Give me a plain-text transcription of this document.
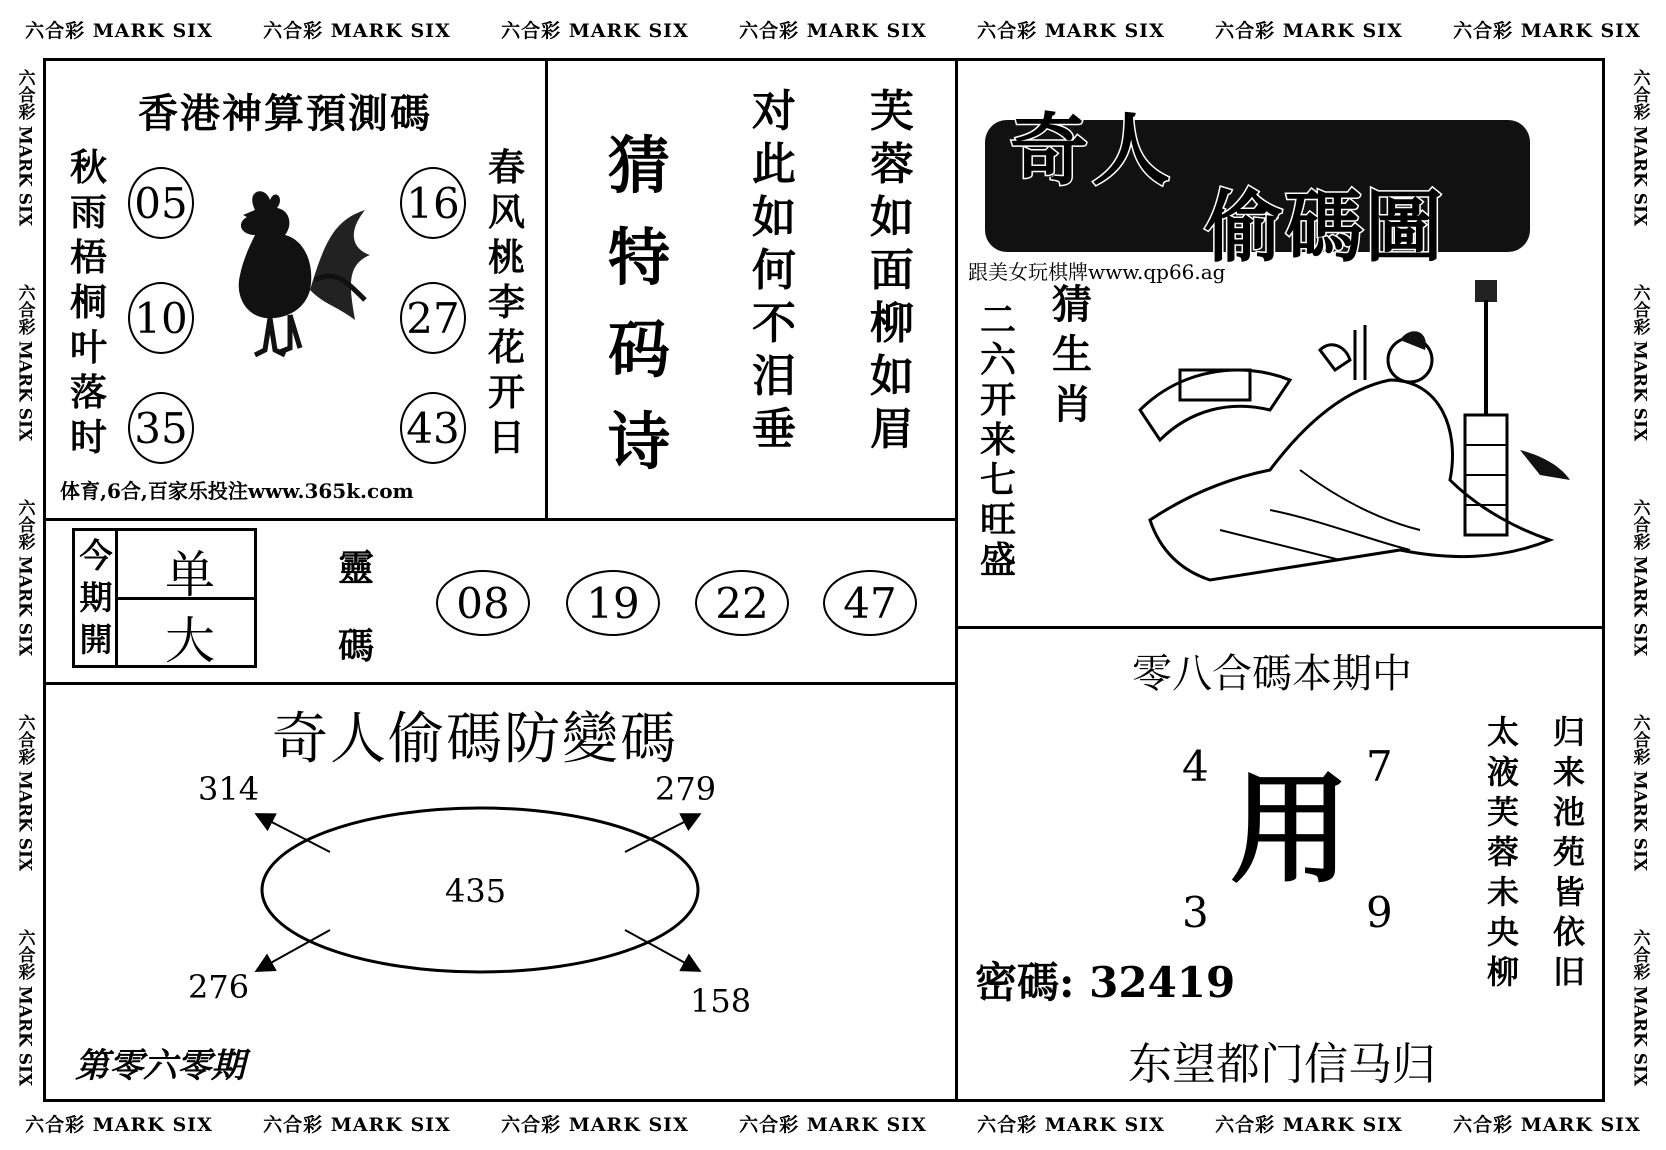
六合彩 MARK SIX	六合彩 MARK SIX	六合彩 MARK SIX	六合彩 MARK SIX	六合彩 MARK SIX	六合彩 MARK SIX	六合彩 MARK SIX
六合彩 MARK SIX	六合彩 MARK SIX	六合彩 MARK SIX	六合彩 MARK SIX	六合彩 MARK SIX	六合彩 MARK SIX	六合彩 MARK SIX
六合彩 MARK SIX
六合彩 MARK SIX
六合彩 MARK SIX
六合彩 MARK SIX
六合彩 MARK SIX
六合彩 MARK SIX
六合彩 MARK SIX
六合彩 MARK SIX
六合彩 MARK SIX
六合彩 MARK SIX
香港神算預測碼
秋
雨
梧
桐
叶
落
时
春
风
桃
李
花
开
日
05
10
35
16
27
43
体育,6合,百家乐投注www.365k.com
猜
特
码
诗
对
此
如
何
不
泪
垂
芙
蓉
如
面
柳
如
眉
奇人
偷碼圖
跟美女玩棋牌www.qp66.ag
猜
生
肖
二
六
开
来
七
旺
盛
今
期
開
单
大
靈
碼
08	19	22	47
奇人偷碼防變碼
435
314	279
276	158
第零六零期
零八合碼本期中
4	7
3	9
用
密碼: 32419
太
液
芙
蓉
未
央
柳
归
来
池
苑
皆
依
旧
东望都门信马归
